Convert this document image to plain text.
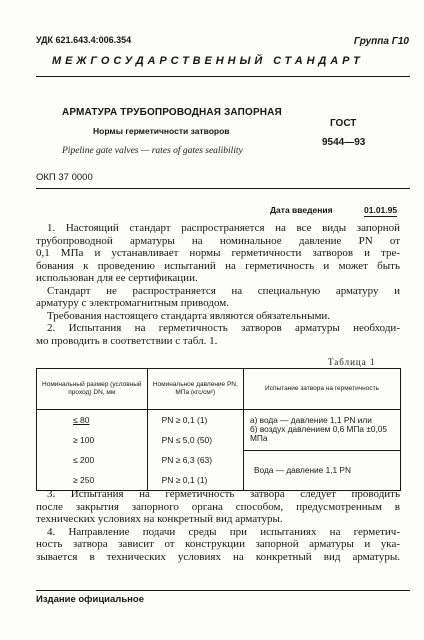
УДК 621.643.4:006.354	Группа Г10
МЕЖГОСУДАРСТВЕННЫЙ СТАНДАРТ
АРМАТУРА ТРУБОПРОВОДНАЯ ЗАПОРНАЯ
Нормы герметичности затворов
Pipeline gate valves — rates of gates sealibility
ГОСТ
9544—93
ОКП 37 0000
Дата введения	01.01.95
1. Настоящий стандарт распространяется на все виды запорной
трубопроводной арматуры на номинальное давление PN от
0,1 МПа и устанавливает нормы герметичности затворов и тре-
бования к проведению испытаний на герметичность и может быть
использован для ее сертификации.
Стандарт не распространяется на специальную арматуру и
арматуру с электромагнитным приводом.
Требования настоящего стандарта являются обязательными.
2. Испытания на герметичность затворов арматуры необходи-
мо проводить в соответствии с табл. 1.
Таблица 1
Номинальный размер (условный проход) DN, мм	Номинальное давление PN, МПа (кгс/см²)	Испытание затвора на герметичность
≤ 80	PN ≥ 0,1 (1)	а) вода — давление 1,1 PN или
б) воздух давлением 0,6 МПа ±0,05 МПа

≥ 100	PN ≤ 5,0 (50)	
≤ 200	PN ≥ 6,3 (63)	Вода — давление 1,1 PN
≥ 250	PN ≥ 0,1 (1)	
3. Испытания на герметичность затвора следует проводить
после закрытия запорного органа способом, предусмотренным в
технических условиях на конкретный вид арматуры.
4. Направление подачи среды при испытаниях на герметич-
ность затвора зависит от конструкции запорной арматуры и ука-
зывается в технических условиях на конкретный вид арматуры.
Издание официальное
